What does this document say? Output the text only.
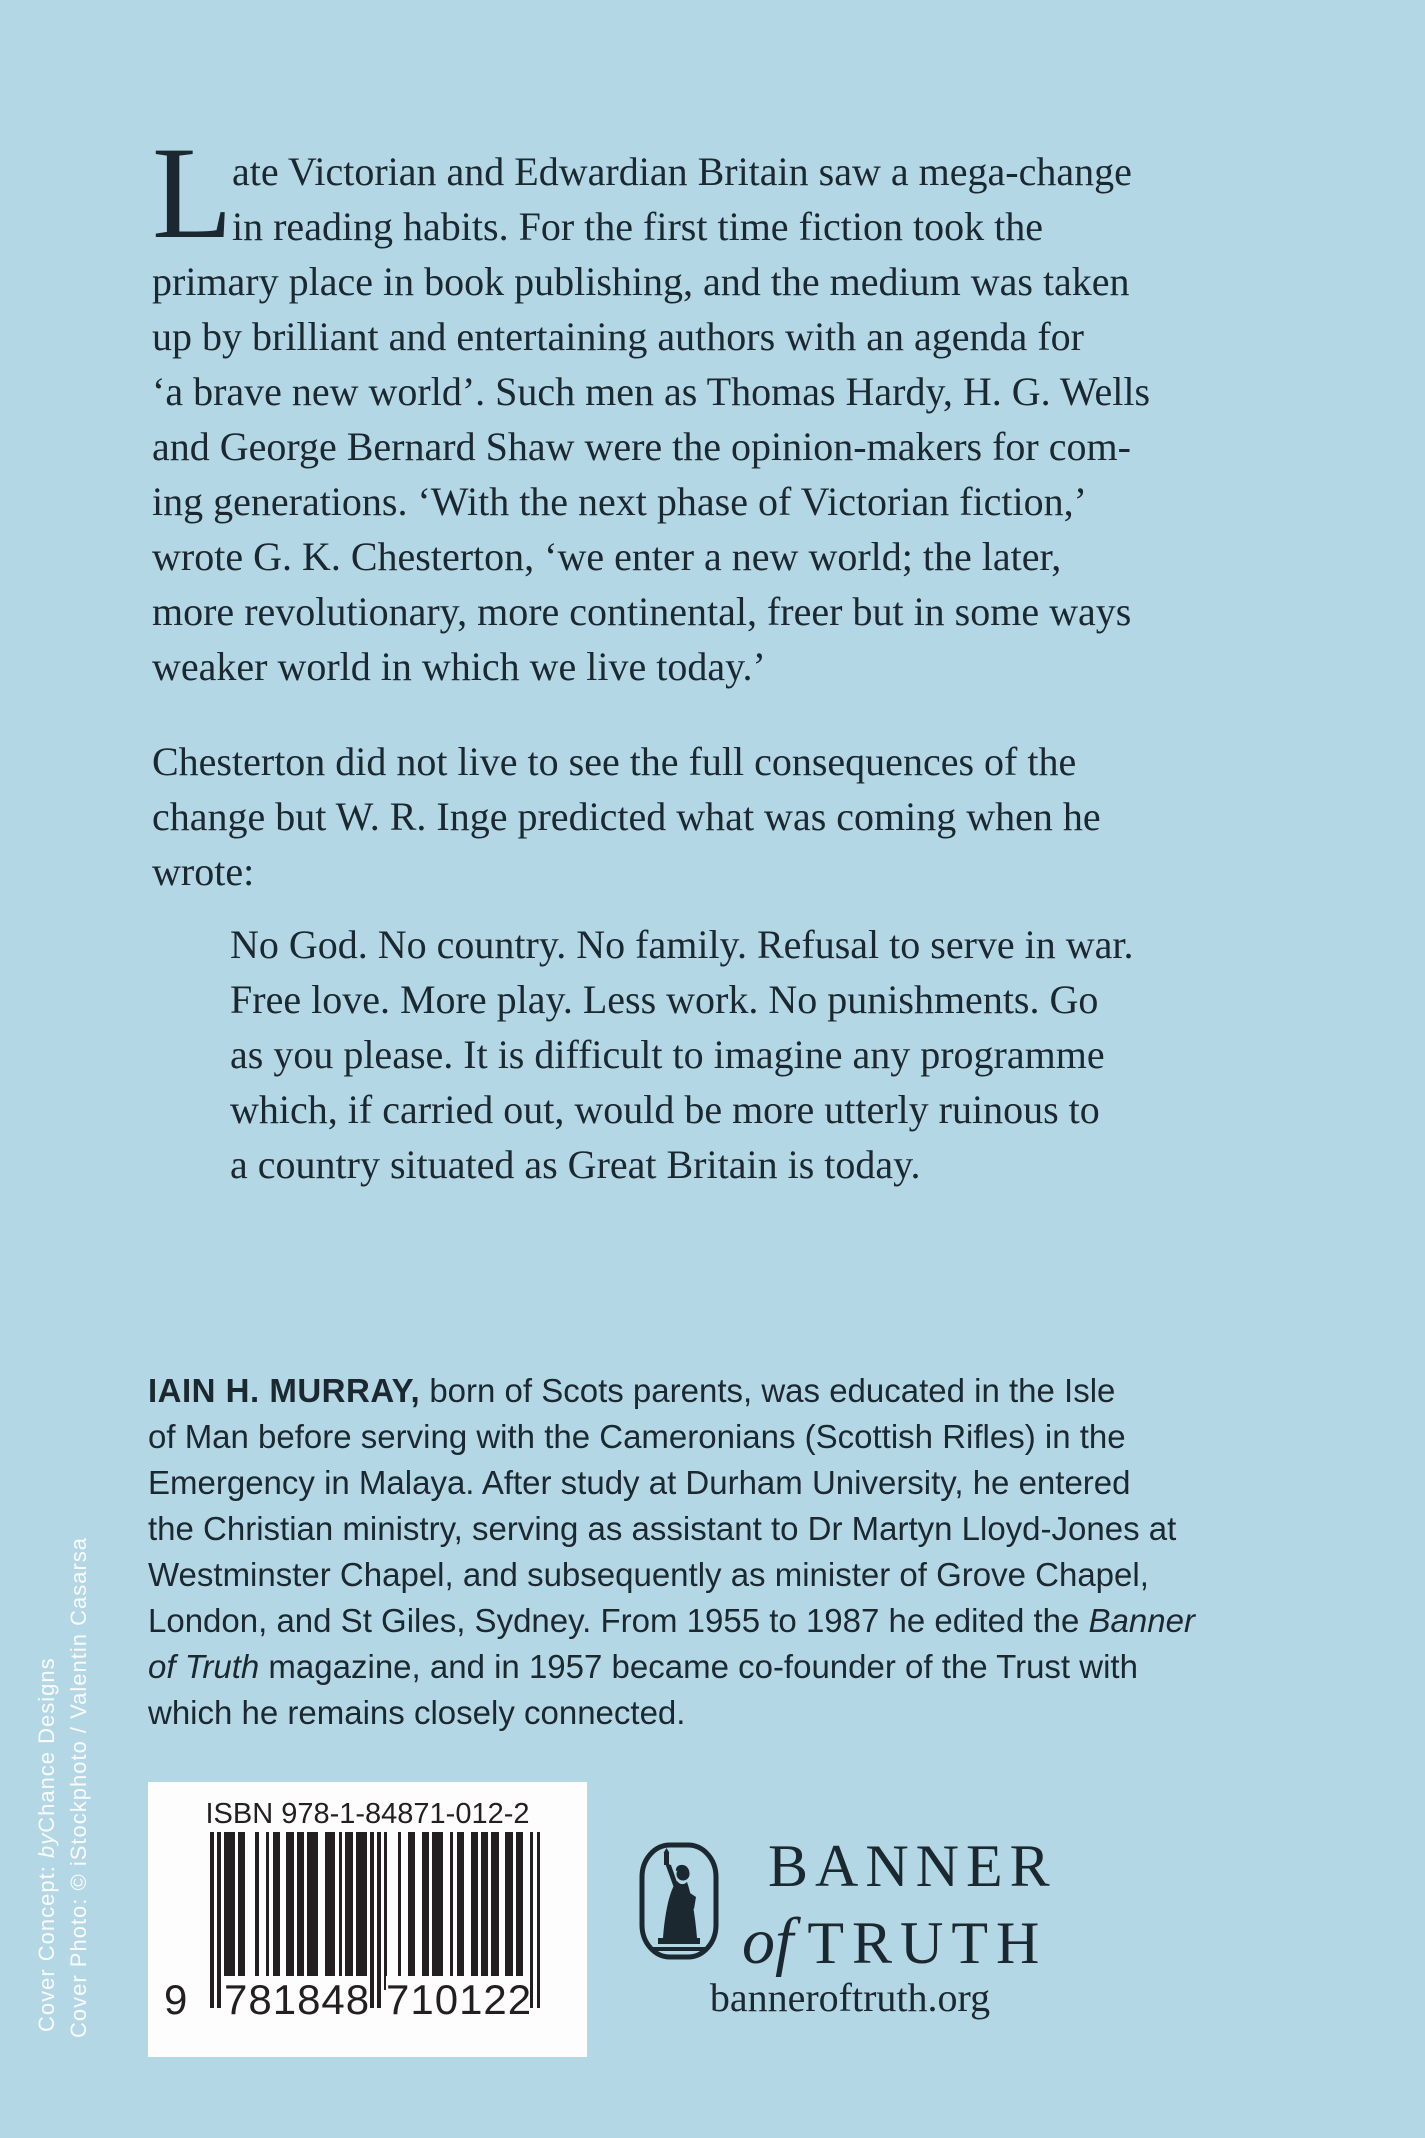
L ate Victorian and Edwardian Britain saw a mega-change
in reading habits. For the first time fiction took the
primary place in book publishing, and the medium was taken
up by brilliant and entertaining authors with an agenda for
‘a brave new world’. Such men as Thomas Hardy, H. G. Wells
and George Bernard Shaw were the opinion-makers for com-
ing generations. ‘With the next phase of Victorian fiction,’
wrote G. K. Chesterton, ‘we enter a new world; the later,
more revolutionary, more continental, freer but in some ways
weaker world in which we live today.’
Chesterton did not live to see the full consequences of the
change but W. R. Inge predicted what was coming when he
wrote:
No God. No country. No family. Refusal to serve in war.
Free love. More play. Less work. No punishments. Go
as you please. It is difficult to imagine any programme
which, if carried out, would be more utterly ruinous to
a country situated as Great Britain is today.
IAIN H. MURRAY, born of Scots parents, was educated in the Isle
of Man before serving with the Cameronians (Scottish Rifles) in the
Emergency in Malaya. After study at Durham University, he entered
the Christian ministry, serving as assistant to Dr Martyn Lloyd-Jones at
Westminster Chapel, and subsequently as minister of Grove Chapel,
London, and St Giles, Sydney. From 1955 to 1987 he edited the Banner
of Truth magazine, and in 1957 became co-founder of the Trust with
which he remains closely connected.
Cover Concept: byChance Designs Cover Photo: © iStockphoto / Valentin Casarsa	ISBN 978-1-84871-012-2
9 781848 710122
BANNER
of TRUTH
banneroftruth.org
